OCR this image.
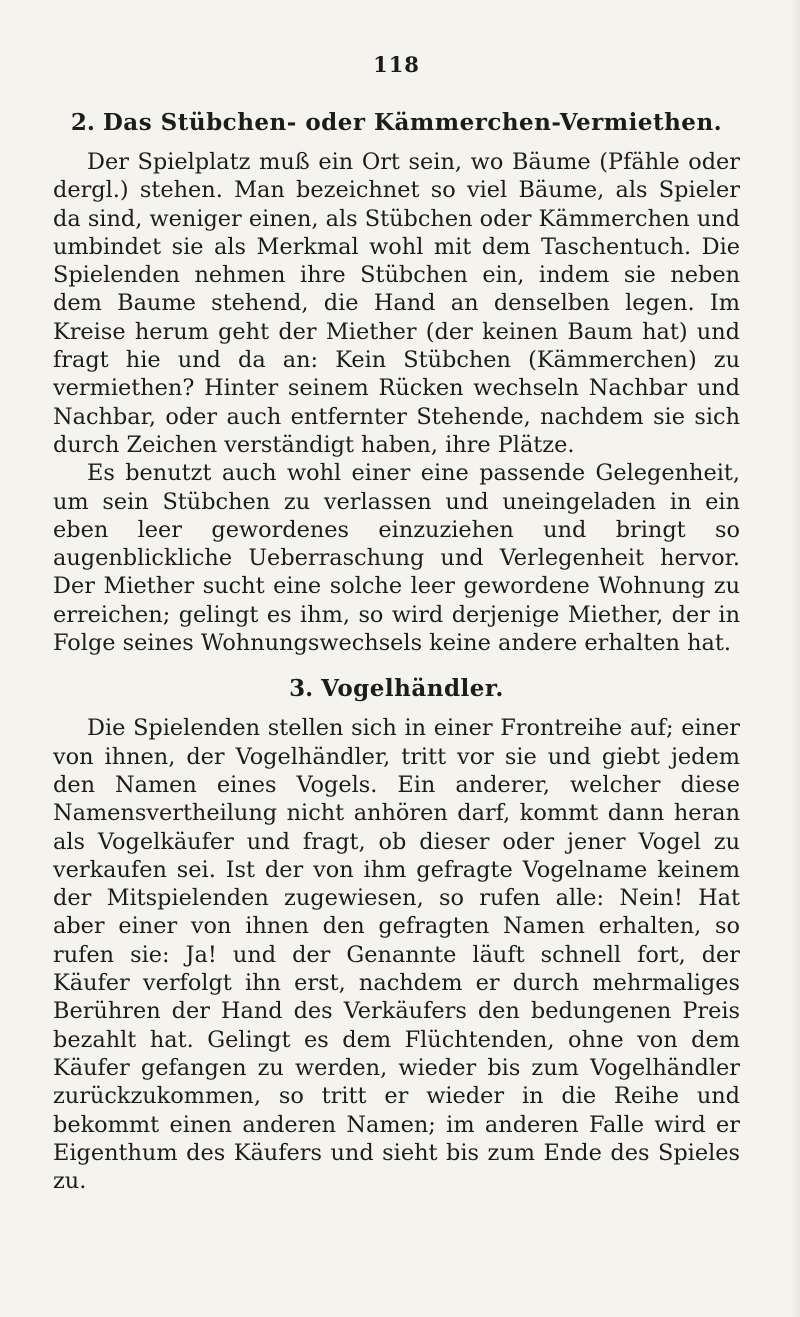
118
2. Das Stübchen- oder Kämmerchen-Vermiethen.

Der Spielplatz muß ein Ort sein, wo Bäume (Pfähle oder dergl.) stehen. Man bezeichnet so viel Bäume, als Spieler da sind, weniger einen, als Stübchen oder Kämmerchen und umbindet sie als Merkmal wohl mit dem Taschentuch. Die Spielenden nehmen ihre Stübchen ein, indem sie neben dem Baume stehend, die Hand an denselben legen. Im Kreise herum geht der Miether (der keinen Baum hat) und fragt hie und da an: Kein Stübchen (Kämmerchen) zu vermiethen? Hinter seinem Rücken wechseln Nachbar und Nachbar, oder auch entfernter Stehende, nachdem sie sich durch Zeichen verständigt haben, ihre Plätze.

Es benutzt auch wohl einer eine passende Gelegenheit, um sein Stübchen zu verlassen und uneingeladen in ein eben leer gewordenes einzuziehen und bringt so augenblickliche Ueberraschung und Verlegenheit hervor. Der Miether sucht eine solche leer gewordene Wohnung zu erreichen; gelingt es ihm, so wird derjenige Miether, der in Folge seines Wohnungswechsels keine andere erhalten hat.

3. Vogelhändler.

Die Spielenden stellen sich in einer Frontreihe auf; einer von ihnen, der Vogelhändler, tritt vor sie und giebt jedem den Namen eines Vogels. Ein anderer, welcher diese Namensvertheilung nicht anhören darf, kommt dann heran als Vogelkäufer und fragt, ob dieser oder jener Vogel zu verkaufen sei. Ist der von ihm gefragte Vogelname keinem der Mitspielenden zugewiesen, so rufen alle: Nein! Hat aber einer von ihnen den gefragten Namen erhalten, so rufen sie: Ja! und der Genannte läuft schnell fort, der Käufer verfolgt ihn erst, nachdem er durch mehrmaliges Berühren der Hand des Verkäufers den bedungenen Preis bezahlt hat. Gelingt es dem Flüchtenden, ohne von dem Käufer gefangen zu werden, wieder bis zum Vogelhändler zurückzukommen, so tritt er wieder in die Reihe und bekommt einen anderen Namen; im anderen Falle wird er Eigenthum des Käufers und sieht bis zum Ende des Spieles zu.
